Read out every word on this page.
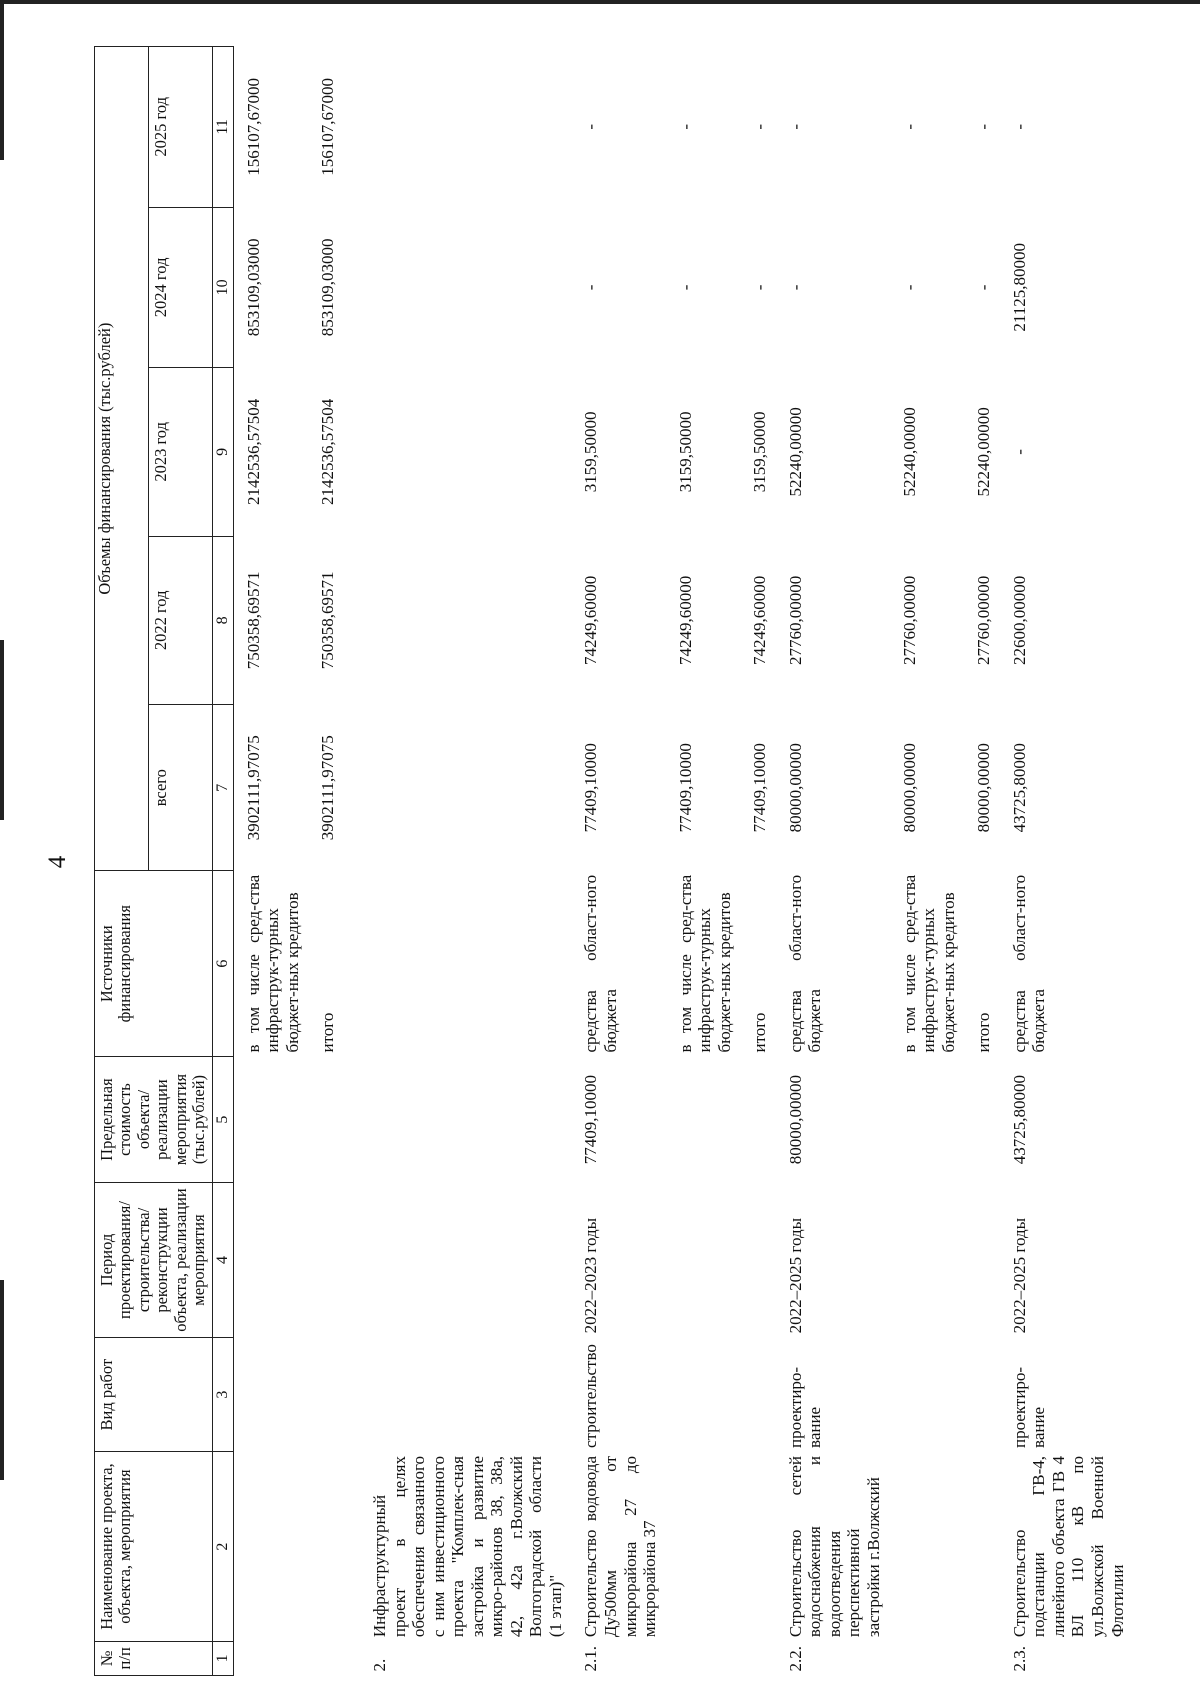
4
№ п/п	Наименование проекта, объекта, мероприятия	Вид работ	Период проектирования/ строительства/ реконструкции объекта, реализации мероприятия	Предельная стоимость объекта/ реализации мероприятия (тыс.рублей)	Источники финансирования	Объемы финансирования (тыс.рублей)				
						всего	2022 год	2023 год	2024 год	2025 год
1	2	3	4	5	6	7	8	9	10	11
					в том числе сред-ства инфраструк-турных бюджет-ных кредитов	3902111,97075	750358,69571	2142536,57504	853109,03000	156107,67000
					итого	3902111,97075	750358,69571	2142536,57504	853109,03000	156107,67000
2.	Инфраструктурный проект в целях обеспечения связанного с ним инвестиционного проекта "Комплек-сная застройка и развитие микро-районов 38, 38а, 42, 42а г.Волжский Волгоградской области (1 этап)"									
2.1.	Строительство водовода Ду500мм от микрорайона 27 до микрорайона 37	строительство	2022–2023 годы	77409,10000	средства област-ного бюджета	77409,10000	74249,60000	3159,50000	-	-
					в том числе сред-ства инфраструк-турных бюджет-ных кредитов	77409,10000	74249,60000	3159,50000	-	-
					итого	77409,10000	74249,60000	3159,50000	-	-
2.2.	Строительство сетей водоснабжения и водоотведения перспективной застройки г.Волжский	проектиро-вание	2022–2025 годы	80000,00000	средства област-ного бюджета	80000,00000	27760,00000	52240,00000	-	-
					в том числе сред-ства инфраструк-турных бюджет-ных кредитов	80000,00000	27760,00000	52240,00000	-	-
					итого	80000,00000	27760,00000	52240,00000	-	-
2.3.	Строительство подстанции ГВ-4, линейного объекта ГВ 4 ВЛ 110 кВ по ул.Волжской Военной Флотилии	проектиро-вание	2022–2025 годы	43725,80000	средства област-ного бюджета	43725,80000	22600,00000	-	21125,80000	-
